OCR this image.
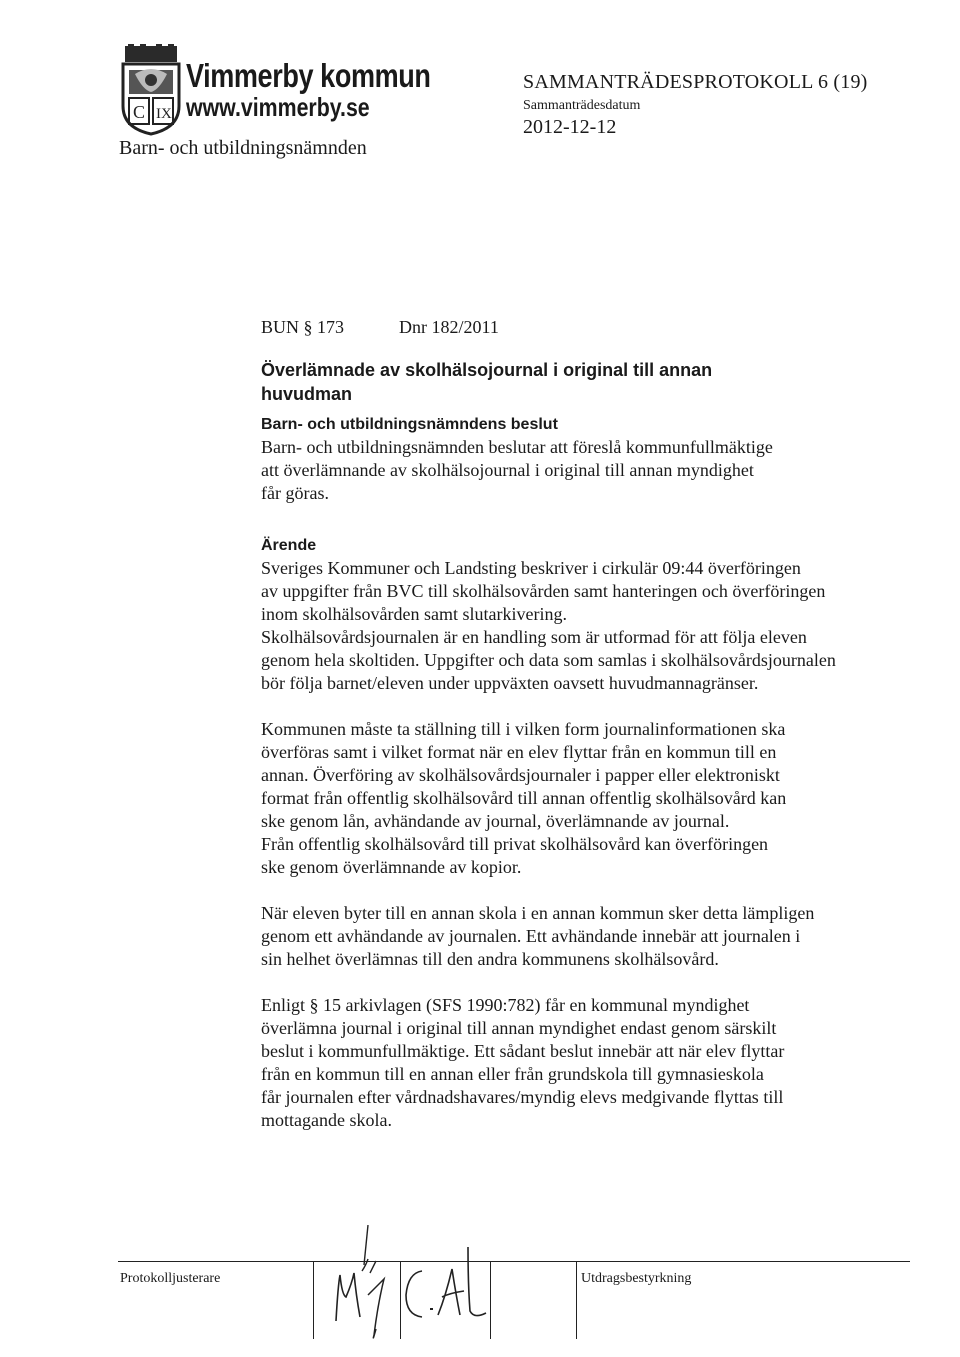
C IX
Vimmerby kommun
www.vimmerby.se
Barn- och utbildningsnämnden
SAMMANTRÄDESPROTOKOLL 6 (19)
Sammanträdesdatum
2012-12-12
BUN § 173	Dnr 182/2011
Överlämnade av skolhälsojournal i original till annan huvudman
Barn- och utbildningsnämndens beslut

Barn- och utbildningsnämnden beslutar att föreslå kommunfullmäktige
att överlämnande av skolhälsojournal i original till annan myndighet
får göras.

Ärende

Sveriges Kommuner och Landsting beskriver i cirkulär 09:44 överföringen
av uppgifter från BVC till skolhälsovården samt hanteringen och överföringen
inom skolhälsovården samt slutarkivering.
Skolhälsovårdsjournalen är en handling som är utformad för att följa eleven
genom hela skoltiden. Uppgifter och data som samlas i skolhälsovårdsjournalen
bör följa barnet/eleven under uppväxten oavsett huvudmannagränser.

Kommunen måste ta ställning till i vilken form journalinformationen ska
överföras samt i vilket format när en elev flyttar från en kommun till en
annan. Överföring av skolhälsovårdsjournaler i papper eller elektroniskt
format från offentlig skolhälsovård till annan offentlig skolhälsovård kan
ske genom lån, avhändande av journal, överlämnande av journal.
Från offentlig skolhälsovård till privat skolhälsovård kan överföringen
ske genom överlämnande av kopior.

När eleven byter till en annan skola i en annan kommun sker detta lämpligen
genom ett avhändande av journalen. Ett avhändande innebär att journalen i
sin helhet överlämnas till den andra kommunens skolhälsovård.

Enligt § 15 arkivlagen (SFS 1990:782) får en kommunal myndighet
överlämna journal i original till annan myndighet endast genom särskilt
beslut i kommunfullmäktige. Ett sådant beslut innebär att när elev flyttar
från en kommun till en annan eller från grundskola till gymnasieskola
får journalen efter vårdnadshavares/myndig elevs medgivande flyttas till
mottagande skola.

Protokolljusterare	Utdragsbestyrkning
